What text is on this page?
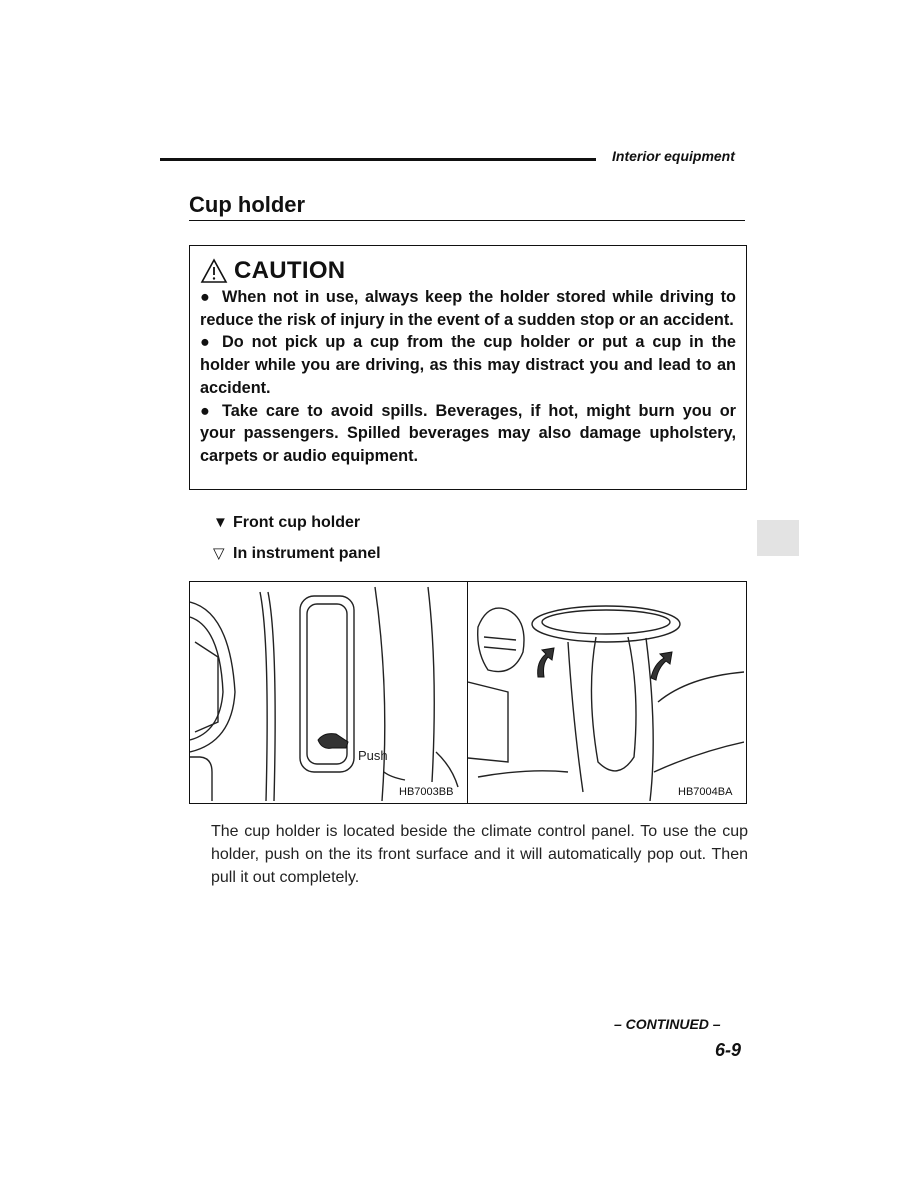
Interior equipment
Cup holder
CAUTION
● When not in use, always keep the holder stored while driving to reduce the risk of injury in the event of a sudden stop or an accident.
● Do not pick up a cup from the cup holder or put a cup in the holder while you are driving, as this may distract you and lead to an accident.
● Take care to avoid spills. Beverages, if hot, might burn you or your passengers. Spilled beverages may also damage upholstery, carpets or audio equipment.
▼ Front cup holder
▽ In instrument panel
Push
HB7003BB	HB7004BA
The cup holder is located beside the climate control panel. To use the cup holder, push on the its front surface and it will automatically pop out. Then pull it out completely.
– CONTINUED –
6-9
